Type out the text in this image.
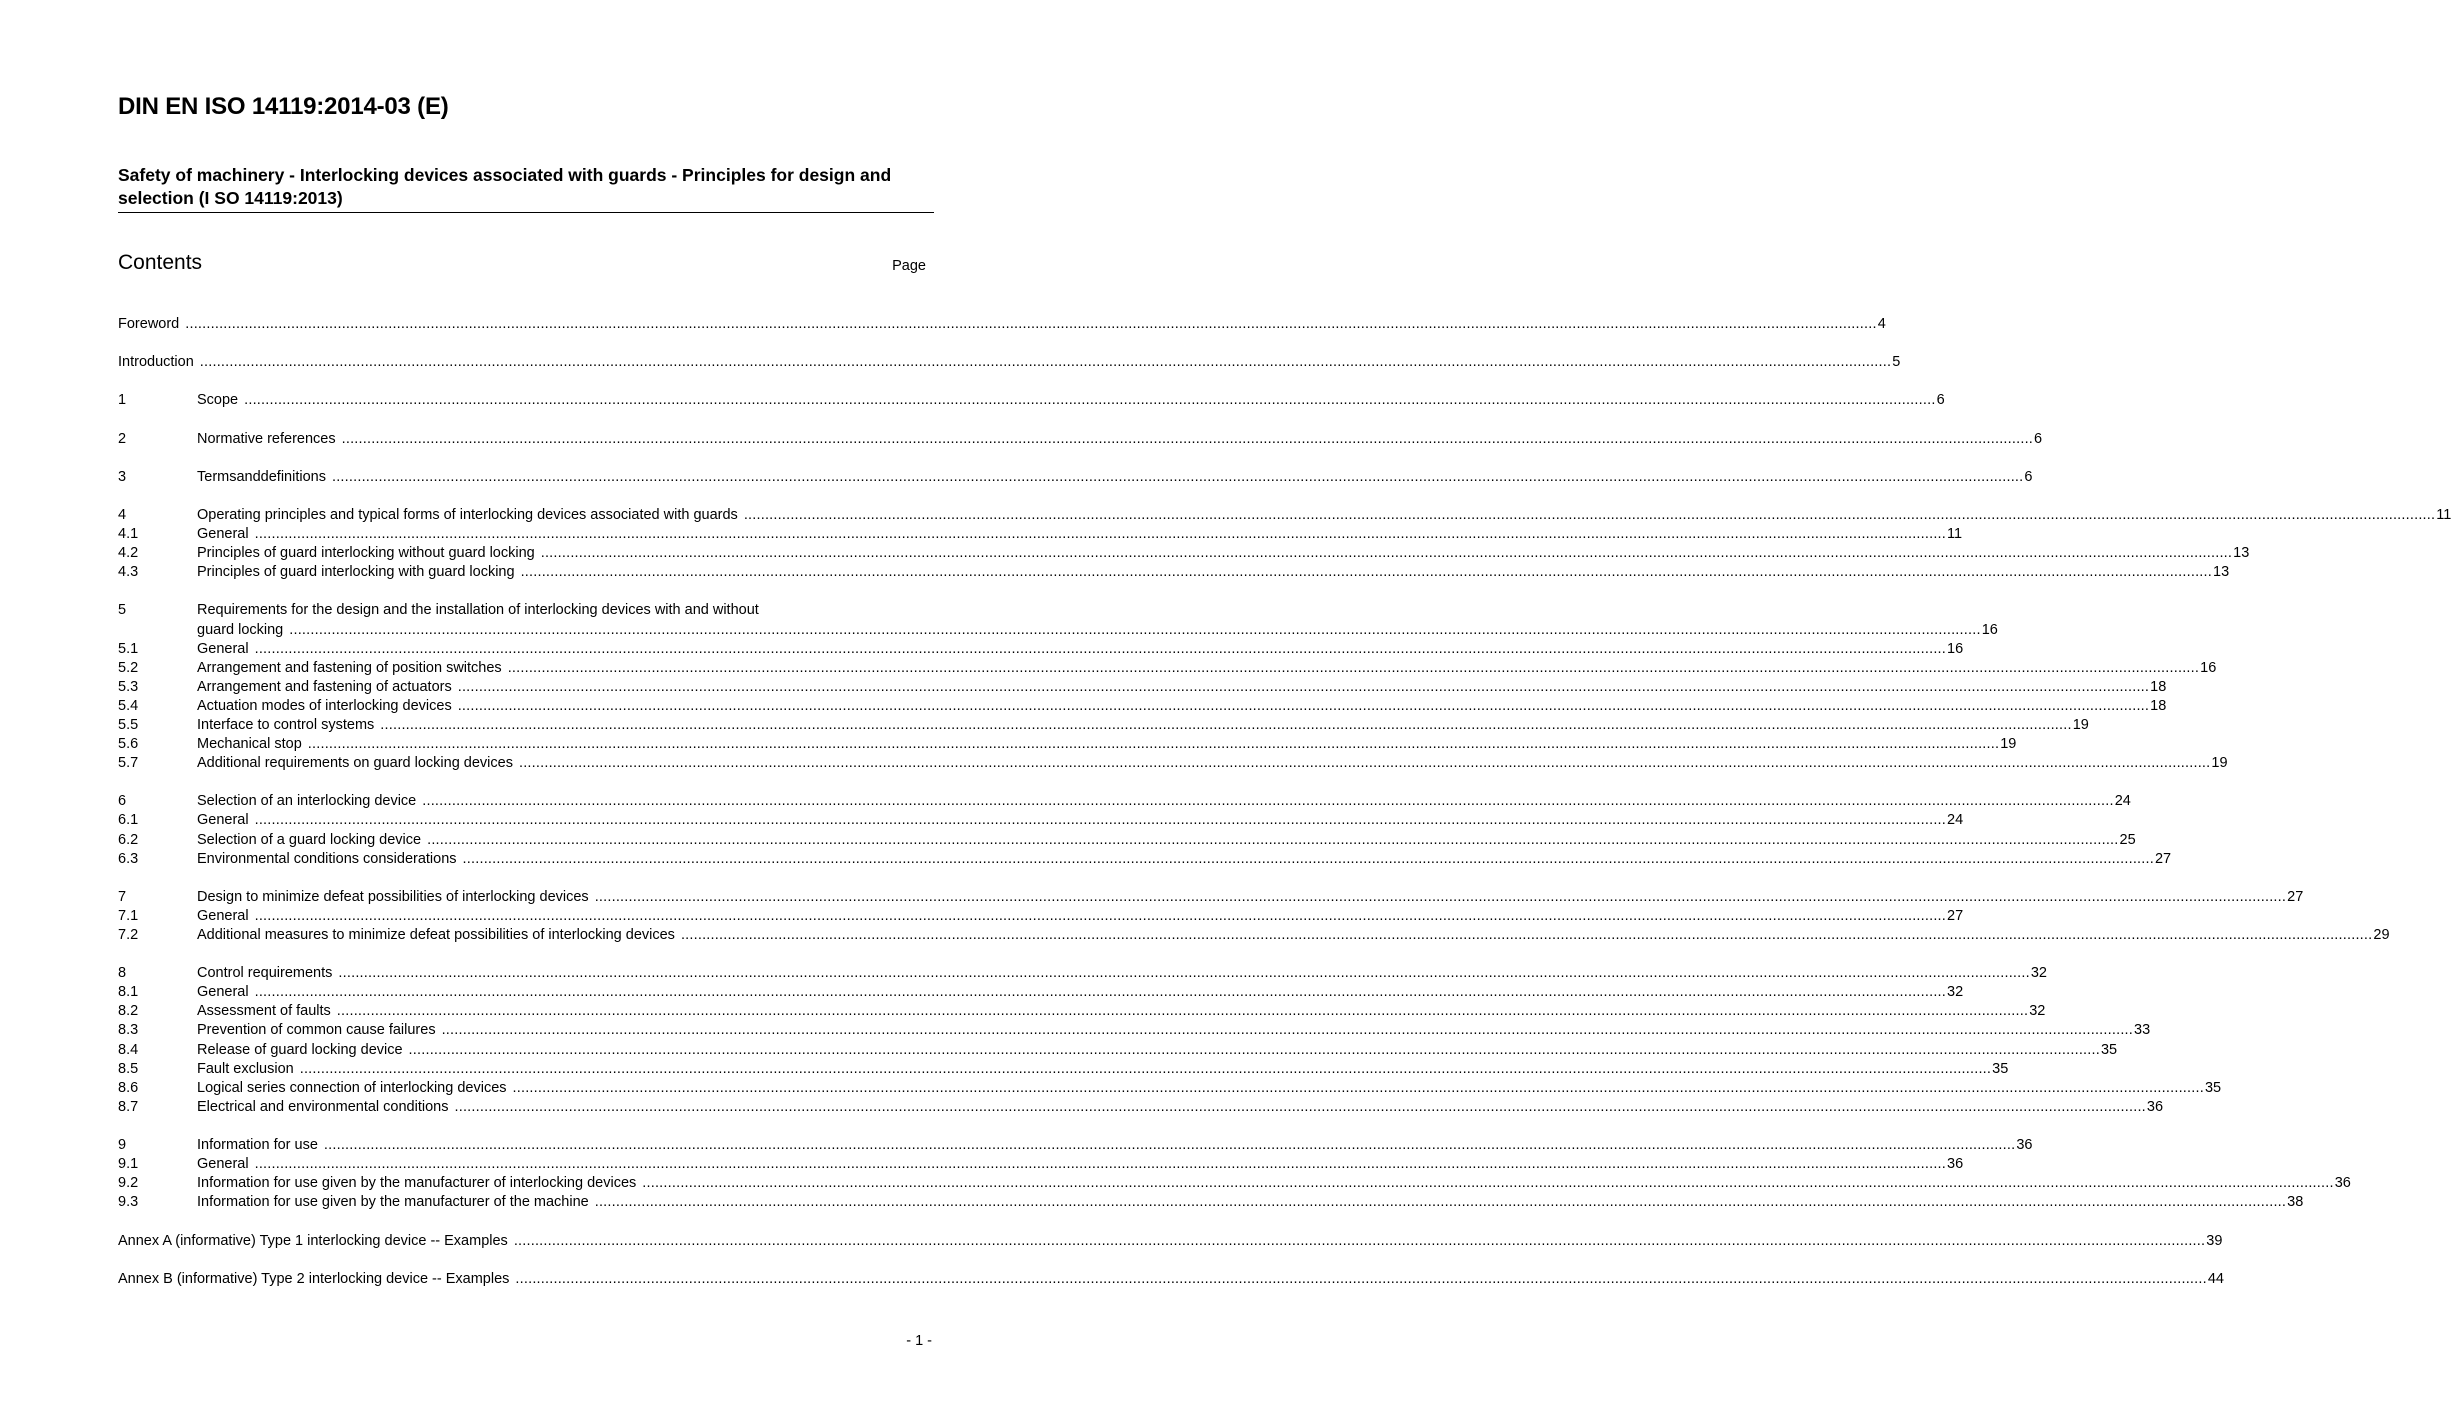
DIN EN ISO 14119:2014-03 (E)
Safety of machinery - Interlocking devices associated with guards - Principles for design and selection (I SO 14119:2013)
Contents	Page
Foreword ................................................................................................................................................................................................................................................................................................................................................................................................................ 4
Introduction ................................................................................................................................................................................................................................................................................................................................................................................................................ 5
1	Scope ................................................................................................................................................................................................................................................................................................................................................................................................................ 6
2	Normative references ................................................................................................................................................................................................................................................................................................................................................................................................................ 6
3	Termsanddefinitions ................................................................................................................................................................................................................................................................................................................................................................................................................ 6
4	Operating principles and typical forms of interlocking devices associated with guards ................................................................................................................................................................................................................................................................................................................................................................................................................ 11
4.1	General ................................................................................................................................................................................................................................................................................................................................................................................................................ 11
4.2	Principles of guard interlocking without guard locking ................................................................................................................................................................................................................................................................................................................................................................................................................ 13
4.3	Principles of guard interlocking with guard locking ................................................................................................................................................................................................................................................................................................................................................................................................................ 13
5	Requirements for the design and the installation of interlocking devices with and without
guard locking ................................................................................................................................................................................................................................................................................................................................................................................................................ 16
5.1	General ................................................................................................................................................................................................................................................................................................................................................................................................................ 16
5.2	Arrangement and fastening of position switches ................................................................................................................................................................................................................................................................................................................................................................................................................ 16
5.3	Arrangement and fastening of actuators ................................................................................................................................................................................................................................................................................................................................................................................................................ 18
5.4	Actuation modes of interlocking devices ................................................................................................................................................................................................................................................................................................................................................................................................................ 18
5.5	Interface to control systems ................................................................................................................................................................................................................................................................................................................................................................................................................ 19
5.6	Mechanical stop ................................................................................................................................................................................................................................................................................................................................................................................................................ 19
5.7	Additional requirements on guard locking devices ................................................................................................................................................................................................................................................................................................................................................................................................................ 19
6	Selection of an interlocking device ................................................................................................................................................................................................................................................................................................................................................................................................................ 24
6.1	General ................................................................................................................................................................................................................................................................................................................................................................................................................ 24
6.2	Selection of a guard locking device ................................................................................................................................................................................................................................................................................................................................................................................................................ 25
6.3	Environmental conditions considerations ................................................................................................................................................................................................................................................................................................................................................................................................................ 27
7	Design to minimize defeat possibilities of interlocking devices ................................................................................................................................................................................................................................................................................................................................................................................................................ 27
7.1	General ................................................................................................................................................................................................................................................................................................................................................................................................................ 27
7.2	Additional measures to minimize defeat possibilities of interlocking devices ................................................................................................................................................................................................................................................................................................................................................................................................................ 29
8	Control requirements ................................................................................................................................................................................................................................................................................................................................................................................................................ 32
8.1	General ................................................................................................................................................................................................................................................................................................................................................................................................................ 32
8.2	Assessment of faults ................................................................................................................................................................................................................................................................................................................................................................................................................ 32
8.3	Prevention of common cause failures ................................................................................................................................................................................................................................................................................................................................................................................................................ 33
8.4	Release of guard locking device ................................................................................................................................................................................................................................................................................................................................................................................................................ 35
8.5	Fault exclusion ................................................................................................................................................................................................................................................................................................................................................................................................................ 35
8.6	Logical series connection of interlocking devices ................................................................................................................................................................................................................................................................................................................................................................................................................ 35
8.7	Electrical and environmental conditions ................................................................................................................................................................................................................................................................................................................................................................................................................ 36
9	Information for use ................................................................................................................................................................................................................................................................................................................................................................................................................ 36
9.1	General ................................................................................................................................................................................................................................................................................................................................................................................................................ 36
9.2	Information for use given by the manufacturer of interlocking devices ................................................................................................................................................................................................................................................................................................................................................................................................................ 36
9.3	Information for use given by the manufacturer of the machine ................................................................................................................................................................................................................................................................................................................................................................................................................ 38
Annex A (informative) Type 1 interlocking device -- Examples ................................................................................................................................................................................................................................................................................................................................................................................................................ 39
Annex B (informative) Type 2 interlocking device -- Examples ................................................................................................................................................................................................................................................................................................................................................................................................................ 44
- 1 -
